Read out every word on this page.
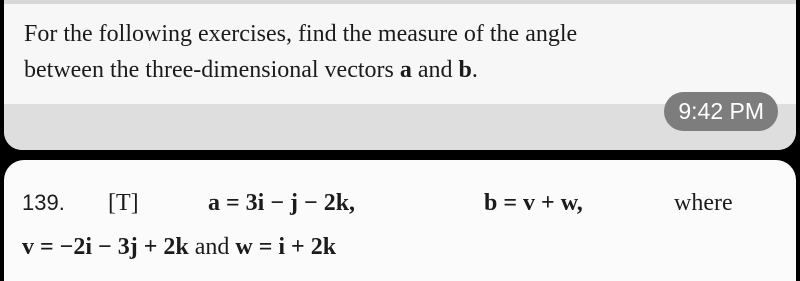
For the following exercises, find the measure of the angle
between the three-dimensional vectors a and b.
9:42 PM
139. [T]	a = 3i − j − 2k,	b = v + w,	where
v = −2i − 3j + 2k and w = i + 2k
